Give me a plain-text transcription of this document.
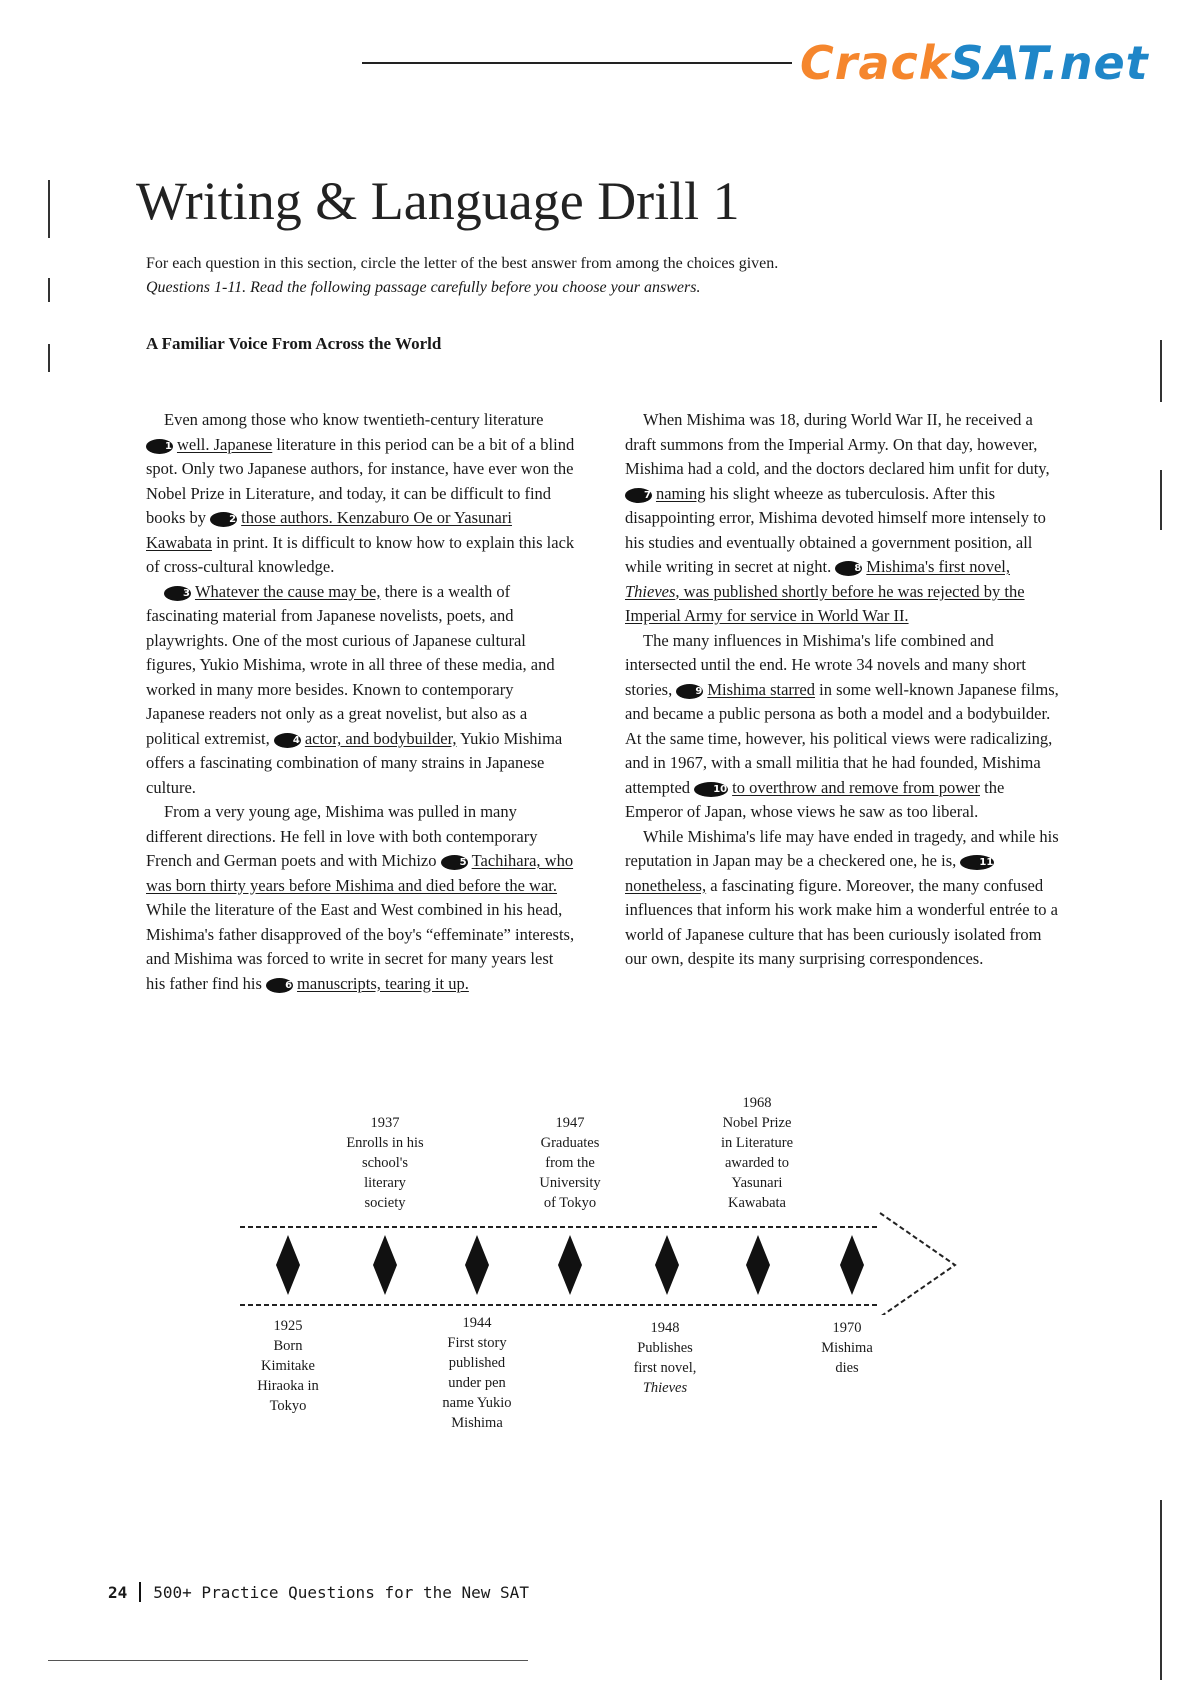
CrackSAT.net
Writing & Language Drill 1
For each question in this section, circle the letter of the best answer from among the choices given.
Questions 1-11. Read the following passage carefully before you choose your answers.
A Familiar Voice From Across the World

Even among those who know twentieth-century literature 1 well. Japanese literature in this period can be a bit of a blind spot. Only two Japanese authors, for instance, have ever won the Nobel Prize in Literature, and today, it can be difficult to find books by 2 those authors. Kenzaburo Oe or Yasunari Kawabata in print. It is difficult to know how to explain this lack of cross-cultural knowledge.

3 Whatever the cause may be, there is a wealth of fascinating material from Japanese novelists, poets, and playwrights. One of the most curious of Japanese cultural figures, Yukio Mishima, wrote in all three of these media, and worked in many more besides. Known to contemporary Japanese readers not only as a great novelist, but also as a political extremist, 4 actor, and bodybuilder, Yukio Mishima offers a fascinating combination of many strains in Japanese culture.

From a very young age, Mishima was pulled in many different directions. He fell in love with both contemporary French and German poets and with Michizo 5 Tachihara, who was born thirty years before Mishima and died before the war. While the literature of the East and West combined in his head, Mishima's father disapproved of the boy's “effeminate” interests, and Mishima was forced to write in secret for many years lest his father find his 6 manuscripts, tearing it up.

When Mishima was 18, during World War II, he received a draft summons from the Imperial Army. On that day, however, Mishima had a cold, and the doctors declared him unfit for duty, 7 naming his slight wheeze as tuberculosis. After this disappointing error, Mishima devoted himself more intensely to his studies and eventually obtained a government position, all while writing in secret at night. 8 Mishima's first novel, Thieves, was published shortly before he was rejected by the Imperial Army for service in World War II.

The many influences in Mishima's life combined and intersected until the end. He wrote 34 novels and many short stories, 9 Mishima starred in some well-known Japanese films, and became a public persona as both a model and a bodybuilder. At the same time, however, his political views were radicalizing, and in 1967, with a small militia that he had founded, Mishima attempted 10 to overthrow and remove from power the Emperor of Japan, whose views he saw as too liberal.

While Mishima's life may have ended in tragedy, and while his reputation in Japan may be a checkered one, he is, 11nonetheless, a fascinating figure. Moreover, the many confused influences that inform his work make him a wonderful entrée to a world of Japanese culture that has been curiously isolated from our own, despite its many surprising correspondences.

1937
Enrolls in his
school's
literary
society
1947
Graduates
from the
University
of Tokyo
1968
Nobel Prize
in Literature
awarded to
Yasunari
Kawabata
1925
Born
Kimitake
Hiraoka in
Tokyo
1944
First story
published
under pen
name Yukio
Mishima
1948
Publishes
first novel,
Thieves
1970
Mishima
dies
24 500+ Practice Questions for the New SAT
